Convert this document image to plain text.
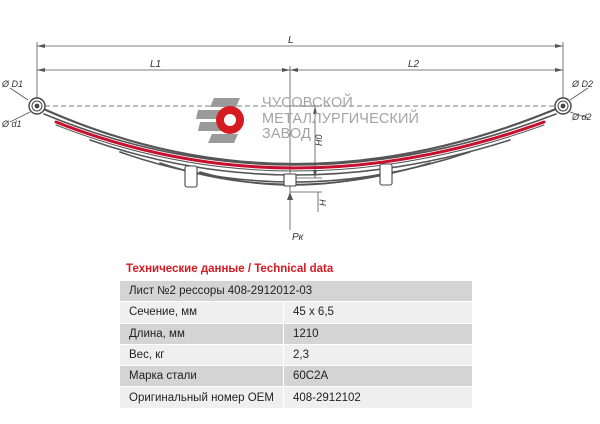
L
L1	L2
Ø D1
Ø d1
Ø D2
Ø d2
H0
H
Pк
ЧУСОВСКОЙ
МЕТАЛЛУРГИЧЕСКИЙ
ЗАВОД
Технические данные / Technical data
Лист №2 рессоры 408-2912012-03	
Сечение, мм	45 х 6,5
Длина, мм	1210
Вес, кг	2,3
Марка стали	60С2А
Оригинальный номер OEM	408-2912102
